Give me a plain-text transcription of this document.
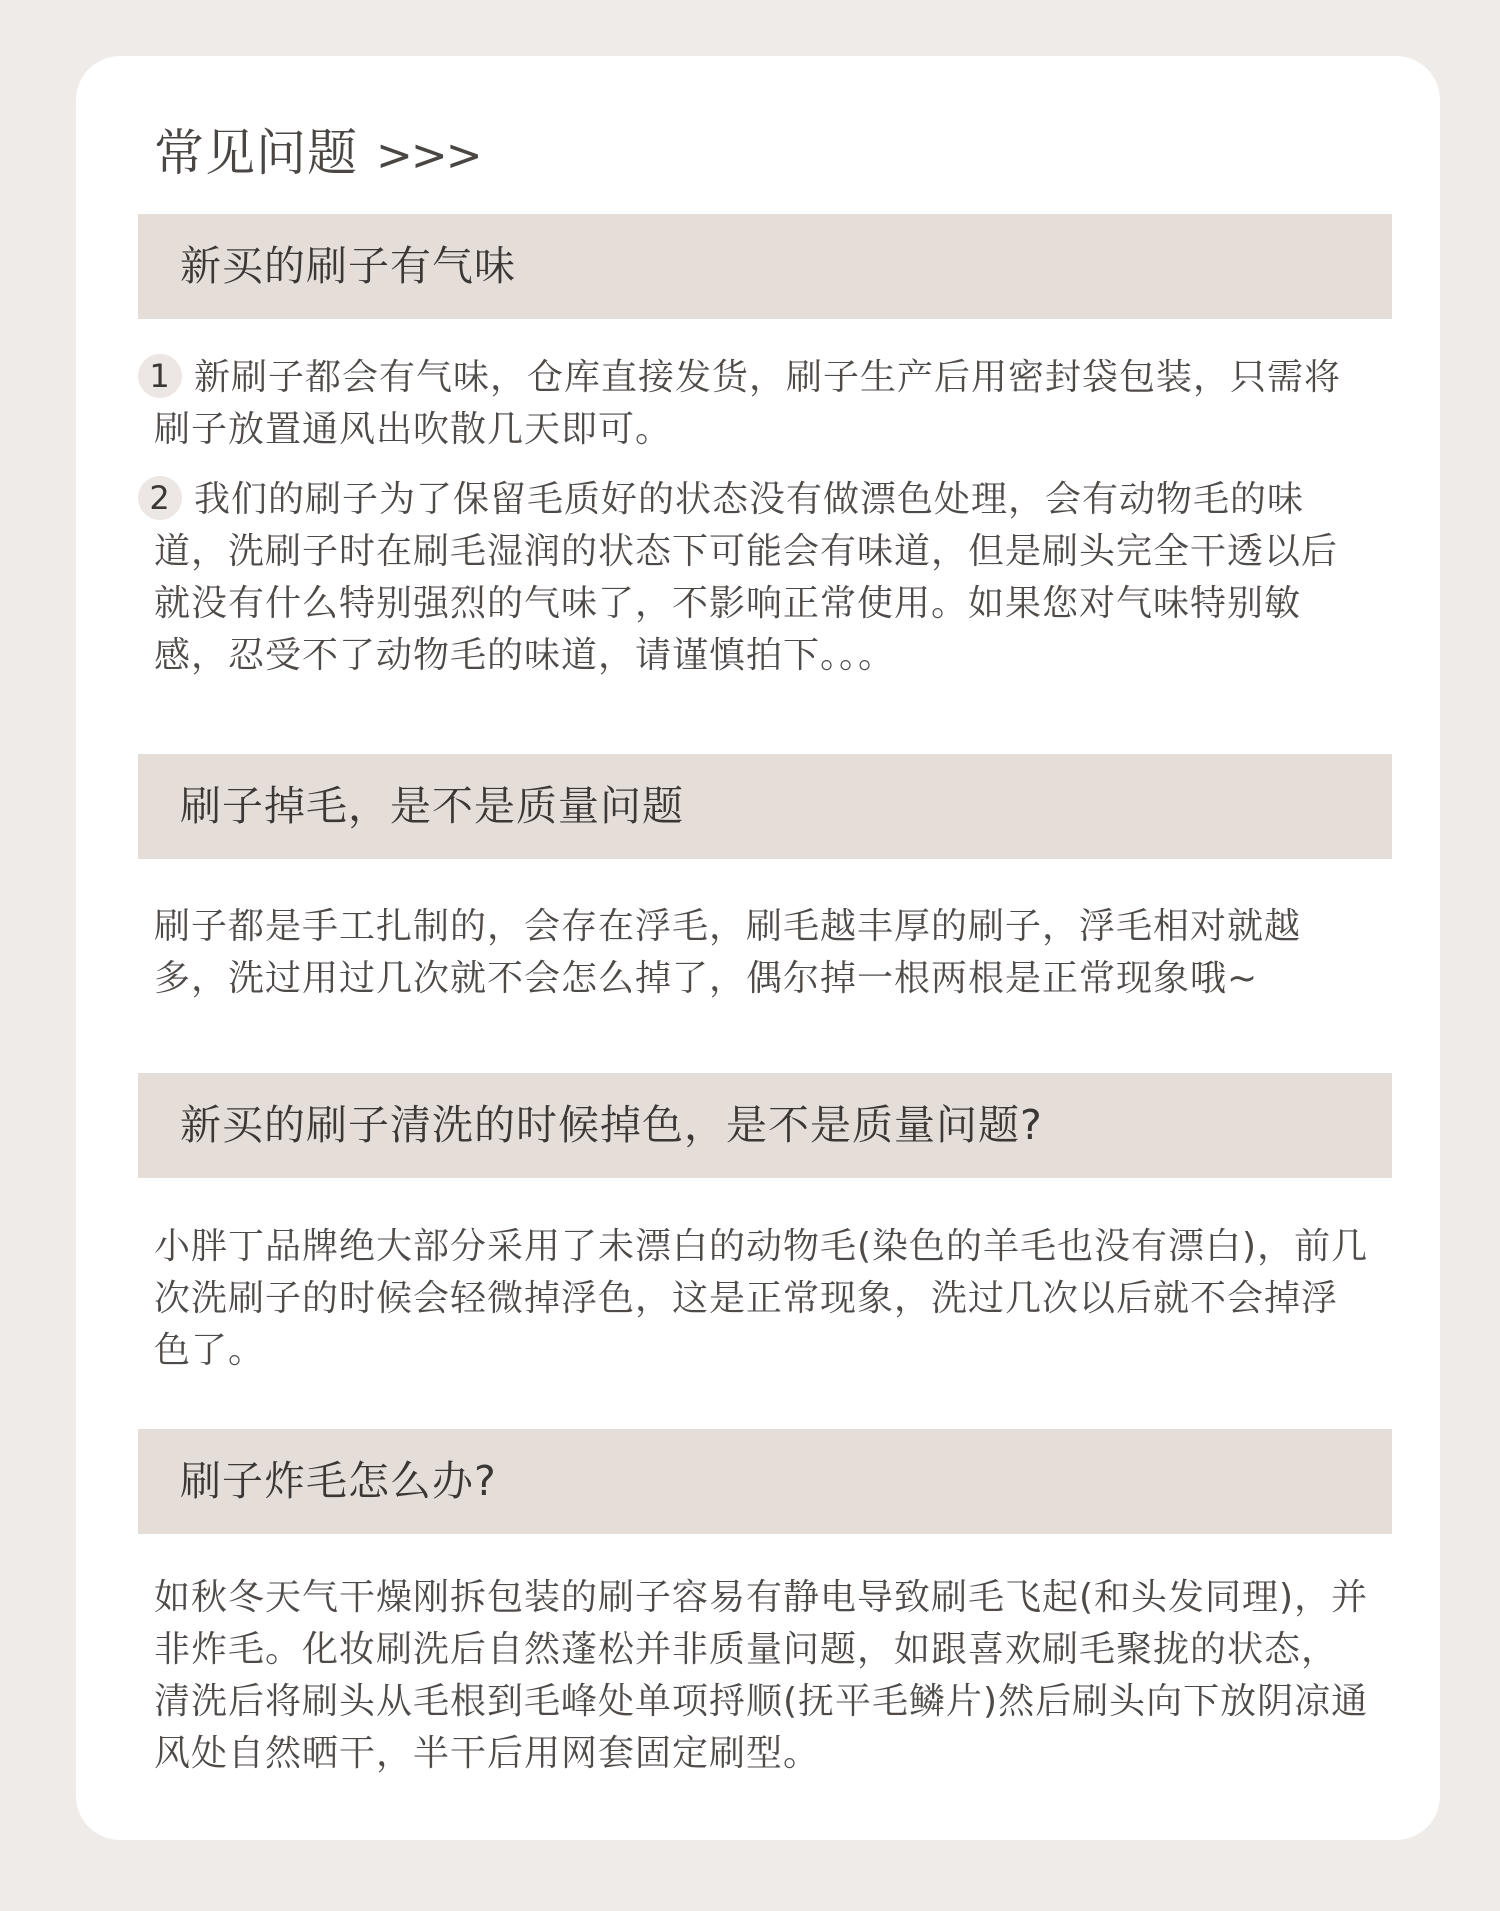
常见问题 >>>
新买的刷子有气味
1 新刷子都会有气味，仓库直接发货，刷子生产后用密封袋包装，只需将刷子放置通风出吹散几天即可。
2 我们的刷子为了保留毛质好的状态没有做漂色处理，会有动物毛的味道，洗刷子时在刷毛湿润的状态下可能会有味道，但是刷头完全干透以后就没有什么特别强烈的气味了，不影响正常使用。如果您对气味特别敏感，忍受不了动物毛的味道，请谨慎拍下。。。
刷子掉毛，是不是质量问题
刷子都是手工扎制的，会存在浮毛，刷毛越丰厚的刷子，浮毛相对就越多，洗过用过几次就不会怎么掉了，偶尔掉一根两根是正常现象哦~
新买的刷子清洗的时候掉色，是不是质量问题?
小胖丁品牌绝大部分采用了未漂白的动物毛(染色的羊毛也没有漂白)，前几次洗刷子的时候会轻微掉浮色，这是正常现象，洗过几次以后就不会掉浮色了。
刷子炸毛怎么办?
如秋冬天气干燥刚拆包装的刷子容易有静电导致刷毛飞起(和头发同理)，并非炸毛。化妆刷洗后自然蓬松并非质量问题，如跟喜欢刷毛聚拢的状态，清洗后将刷头从毛根到毛峰处单项捋顺(抚平毛鳞片)然后刷头向下放阴凉通风处自然晒干，半干后用网套固定刷型。
